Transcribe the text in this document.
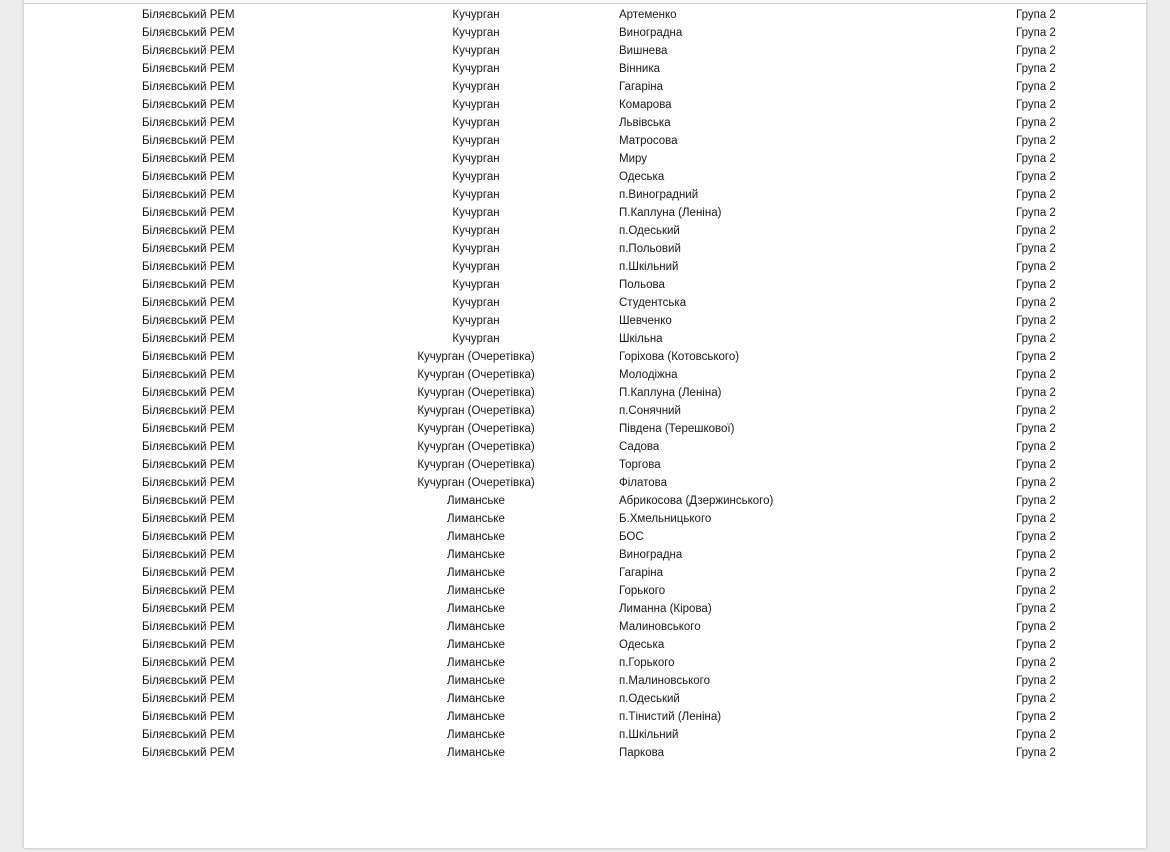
Біляєвський РЕМ	Кучурган	Артеменко	Група 2
Біляєвський РЕМ	Кучурган	Виноградна	Група 2
Біляєвський РЕМ	Кучурган	Вишнева	Група 2
Біляєвський РЕМ	Кучурган	Вінника	Група 2
Біляєвський РЕМ	Кучурган	Гагаріна	Група 2
Біляєвський РЕМ	Кучурган	Комарова	Група 2
Біляєвський РЕМ	Кучурган	Львівська	Група 2
Біляєвський РЕМ	Кучурган	Матросова	Група 2
Біляєвський РЕМ	Кучурган	Миру	Група 2
Біляєвський РЕМ	Кучурган	Одеська	Група 2
Біляєвський РЕМ	Кучурган	п.Виноградний	Група 2
Біляєвський РЕМ	Кучурган	П.Каплуна (Леніна)	Група 2
Біляєвський РЕМ	Кучурган	п.Одеський	Група 2
Біляєвський РЕМ	Кучурган	п.Польовий	Група 2
Біляєвський РЕМ	Кучурган	п.Шкільний	Група 2
Біляєвський РЕМ	Кучурган	Польова	Група 2
Біляєвський РЕМ	Кучурган	Студентська	Група 2
Біляєвський РЕМ	Кучурган	Шевченко	Група 2
Біляєвський РЕМ	Кучурган	Шкільна	Група 2
Біляєвський РЕМ	Кучурган (Очеретівка)	Горіхова (Котовського)	Група 2
Біляєвський РЕМ	Кучурган (Очеретівка)	Молодіжна	Група 2
Біляєвський РЕМ	Кучурган (Очеретівка)	П.Каплуна (Леніна)	Група 2
Біляєвський РЕМ	Кучурган (Очеретівка)	п.Сонячний	Група 2
Біляєвський РЕМ	Кучурган (Очеретівка)	Південа (Терешкової)	Група 2
Біляєвський РЕМ	Кучурган (Очеретівка)	Садова	Група 2
Біляєвський РЕМ	Кучурган (Очеретівка)	Торгова	Група 2
Біляєвський РЕМ	Кучурган (Очеретівка)	Філатова	Група 2
Біляєвський РЕМ	Лиманське	Абрикосова (Дзержинського)	Група 2
Біляєвський РЕМ	Лиманське	Б.Хмельницького	Група 2
Біляєвський РЕМ	Лиманське	БОС	Група 2
Біляєвський РЕМ	Лиманське	Виноградна	Група 2
Біляєвський РЕМ	Лиманське	Гагаріна	Група 2
Біляєвський РЕМ	Лиманське	Горького	Група 2
Біляєвський РЕМ	Лиманське	Лиманна (Кірова)	Група 2
Біляєвський РЕМ	Лиманське	Малиновського	Група 2
Біляєвський РЕМ	Лиманське	Одеська	Група 2
Біляєвський РЕМ	Лиманське	п.Горького	Група 2
Біляєвський РЕМ	Лиманське	п.Малиновського	Група 2
Біляєвський РЕМ	Лиманське	п.Одеський	Група 2
Біляєвський РЕМ	Лиманське	п.Тінистий (Леніна)	Група 2
Біляєвський РЕМ	Лиманське	п.Шкільний	Група 2
Біляєвський РЕМ	Лиманське	Паркова	Група 2
